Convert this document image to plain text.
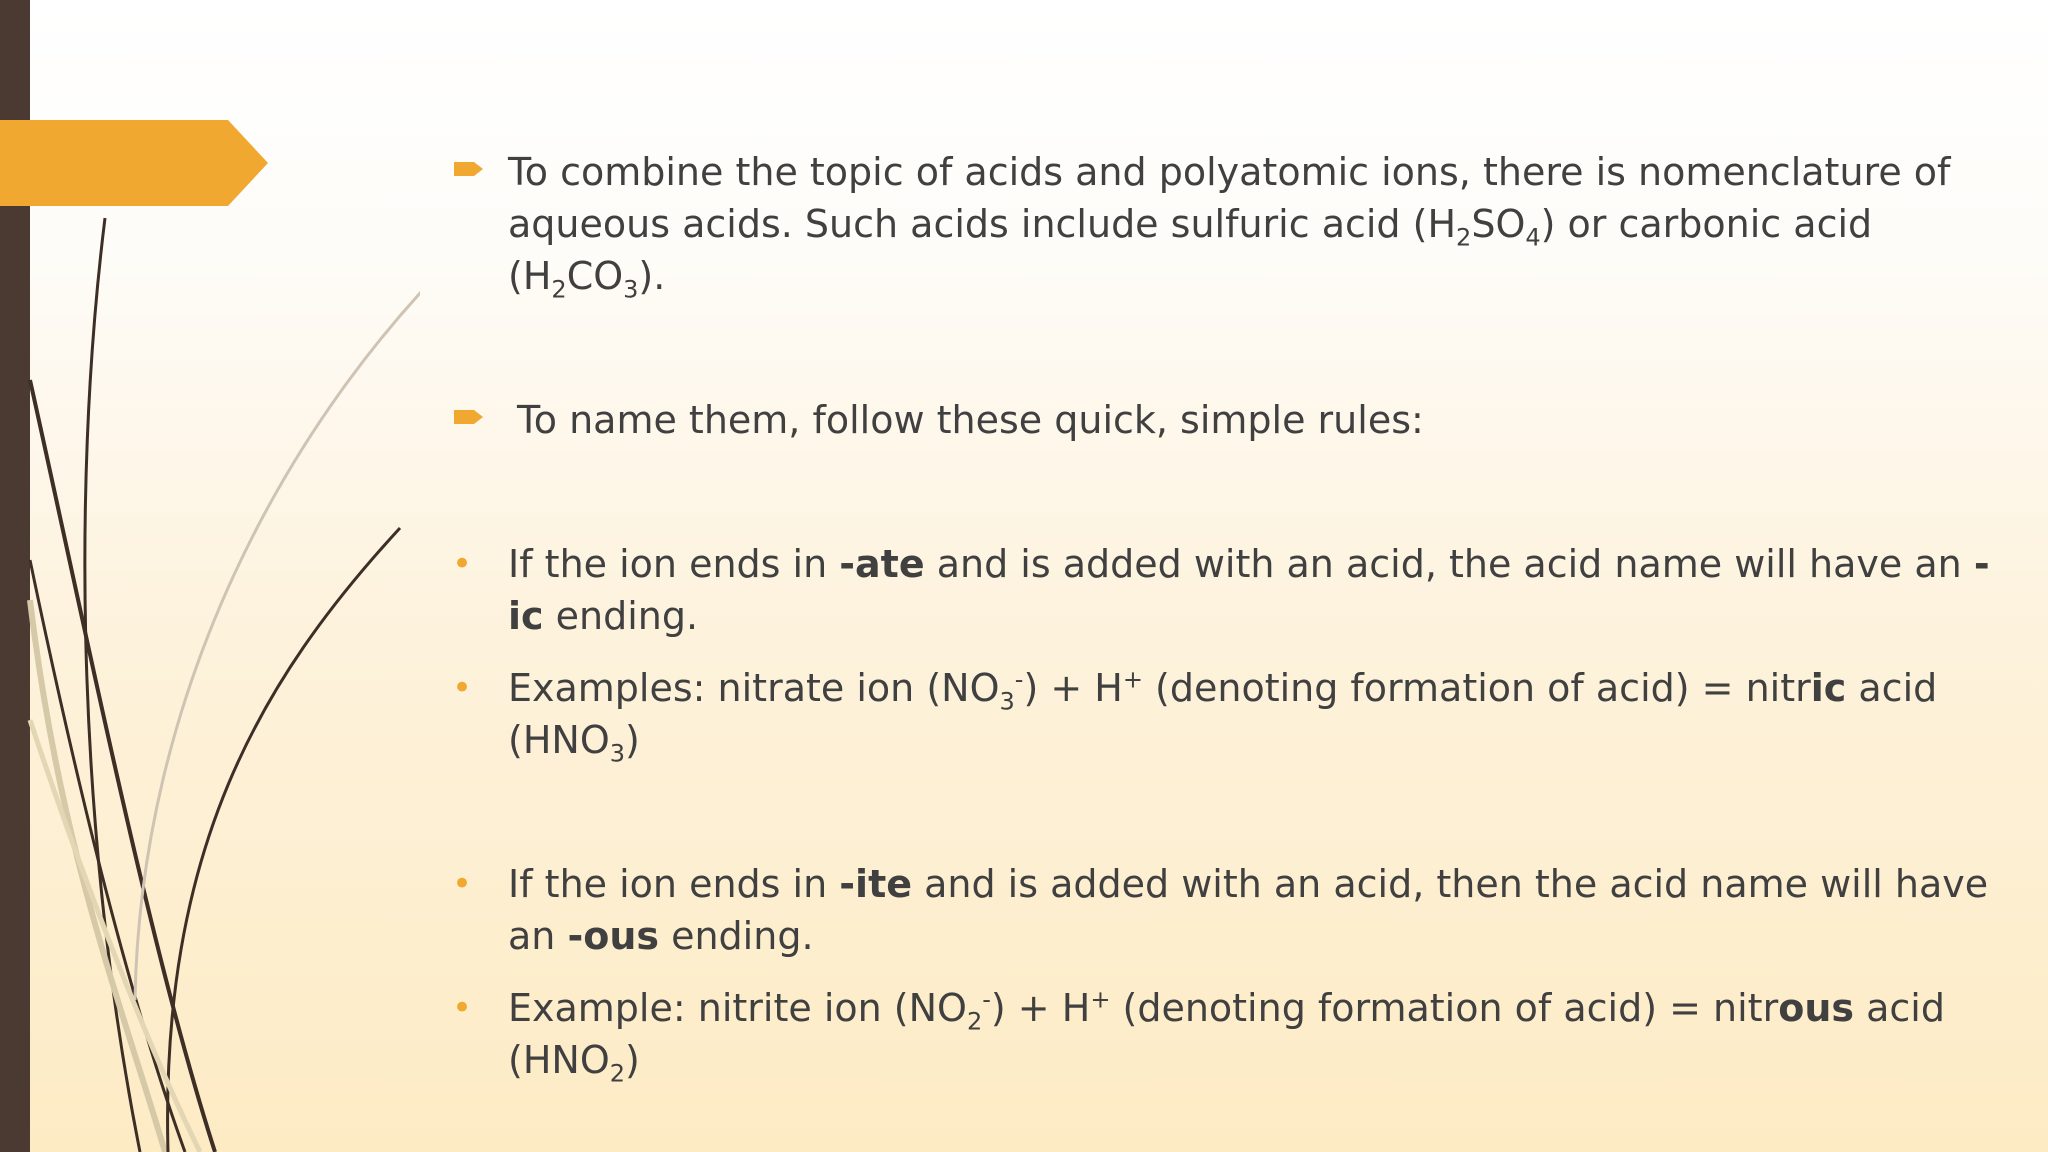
To combine the topic of acids and polyatomic ions, there is nomenclature of aqueous acids. Such acids include sulfuric acid $(H_2SO_4)$ or carbonic acid $(H_2CO_3)$.
To name them, follow these quick, simple rules:
• If the ion ends in -ate and is added with an acid, the acid name will have an -ic ending.
• Examples: nitrate ion $(NO_3^-) + H^+$ (denoting formation of acid) = nitric acid $(HNO_3)$
• If the ion ends in -ite and is added with an acid, then the acid name will have an -ous ending.
• Example: nitrite ion $(NO_2^-) + H^+$ (denoting formation of acid) = nitrous acid $(HNO_2)$
